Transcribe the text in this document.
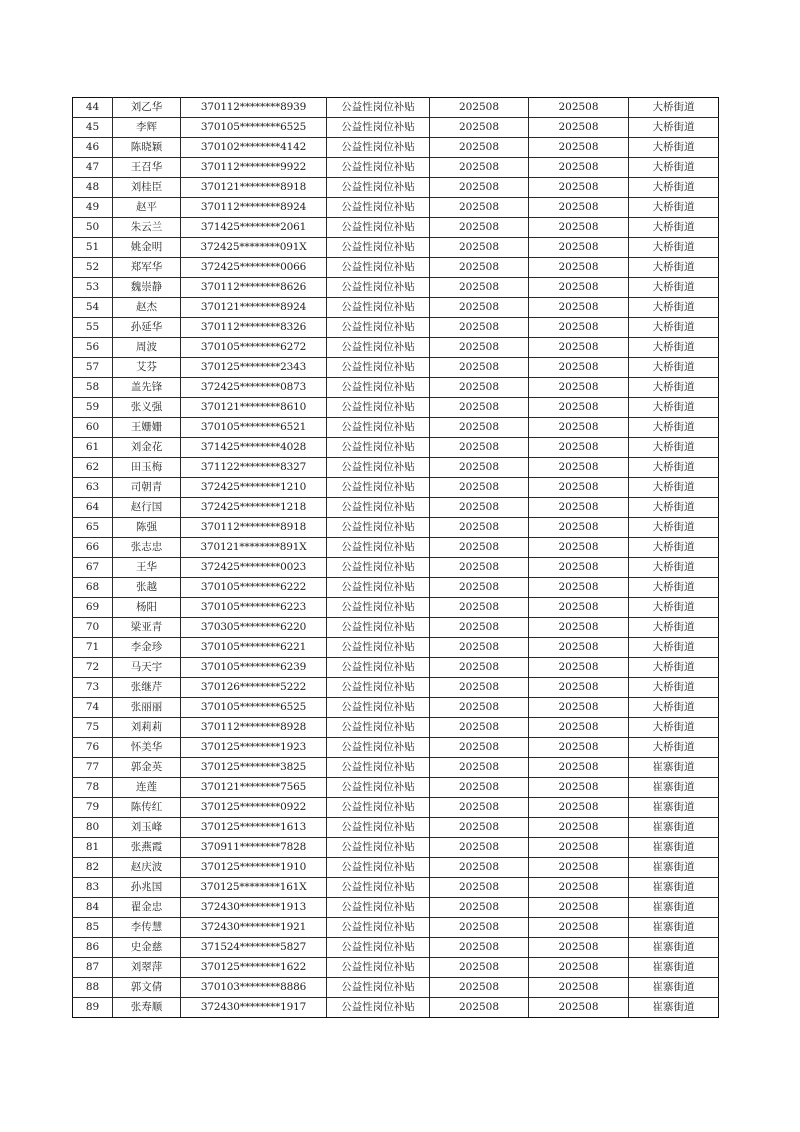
44	刘乙华	370112********8939	公益性岗位补贴	202508	202508	大桥街道
45	李辉	370105********6525	公益性岗位补贴	202508	202508	大桥街道
46	陈晓颖	370102********4142	公益性岗位补贴	202508	202508	大桥街道
47	王召华	370112********9922	公益性岗位补贴	202508	202508	大桥街道
48	刘桂臣	370121********8918	公益性岗位补贴	202508	202508	大桥街道
49	赵平	370112********8924	公益性岗位补贴	202508	202508	大桥街道
50	朱云兰	371425********2061	公益性岗位补贴	202508	202508	大桥街道
51	姚金明	372425********091X	公益性岗位补贴	202508	202508	大桥街道
52	郑军华	372425********0066	公益性岗位补贴	202508	202508	大桥街道
53	魏崇静	370112********8626	公益性岗位补贴	202508	202508	大桥街道
54	赵杰	370121********8924	公益性岗位补贴	202508	202508	大桥街道
55	孙延华	370112********8326	公益性岗位补贴	202508	202508	大桥街道
56	周波	370105********6272	公益性岗位补贴	202508	202508	大桥街道
57	艾芬	370125********2343	公益性岗位补贴	202508	202508	大桥街道
58	盖先锋	372425********0873	公益性岗位补贴	202508	202508	大桥街道
59	张义强	370121********8610	公益性岗位补贴	202508	202508	大桥街道
60	王姗姗	370105********6521	公益性岗位补贴	202508	202508	大桥街道
61	刘金花	371425********4028	公益性岗位补贴	202508	202508	大桥街道
62	田玉梅	371122********8327	公益性岗位补贴	202508	202508	大桥街道
63	司朝青	372425********1210	公益性岗位补贴	202508	202508	大桥街道
64	赵行国	372425********1218	公益性岗位补贴	202508	202508	大桥街道
65	陈强	370112********8918	公益性岗位补贴	202508	202508	大桥街道
66	张志忠	370121********891X	公益性岗位补贴	202508	202508	大桥街道
67	王华	372425********0023	公益性岗位补贴	202508	202508	大桥街道
68	张越	370105********6222	公益性岗位补贴	202508	202508	大桥街道
69	杨阳	370105********6223	公益性岗位补贴	202508	202508	大桥街道
70	梁亚青	370305********6220	公益性岗位补贴	202508	202508	大桥街道
71	李金珍	370105********6221	公益性岗位补贴	202508	202508	大桥街道
72	马天宇	370105********6239	公益性岗位补贴	202508	202508	大桥街道
73	张继芹	370126********5222	公益性岗位补贴	202508	202508	大桥街道
74	张丽丽	370105********6525	公益性岗位补贴	202508	202508	大桥街道
75	刘莉莉	370112********8928	公益性岗位补贴	202508	202508	大桥街道
76	怀美华	370125********1923	公益性岗位补贴	202508	202508	大桥街道
77	郭金英	370125********3825	公益性岗位补贴	202508	202508	崔寨街道
78	连莲	370121********7565	公益性岗位补贴	202508	202508	崔寨街道
79	陈传红	370125********0922	公益性岗位补贴	202508	202508	崔寨街道
80	刘玉峰	370125********1613	公益性岗位补贴	202508	202508	崔寨街道
81	张燕霞	370911********7828	公益性岗位补贴	202508	202508	崔寨街道
82	赵庆波	370125********1910	公益性岗位补贴	202508	202508	崔寨街道
83	孙兆国	370125********161X	公益性岗位补贴	202508	202508	崔寨街道
84	翟金忠	372430********1913	公益性岗位补贴	202508	202508	崔寨街道
85	李传慧	372430********1921	公益性岗位补贴	202508	202508	崔寨街道
86	史金慈	371524********5827	公益性岗位补贴	202508	202508	崔寨街道
87	刘翠萍	370125********1622	公益性岗位补贴	202508	202508	崔寨街道
88	郭文倩	370103********8886	公益性岗位补贴	202508	202508	崔寨街道
89	张寿顺	372430********1917	公益性岗位补贴	202508	202508	崔寨街道
